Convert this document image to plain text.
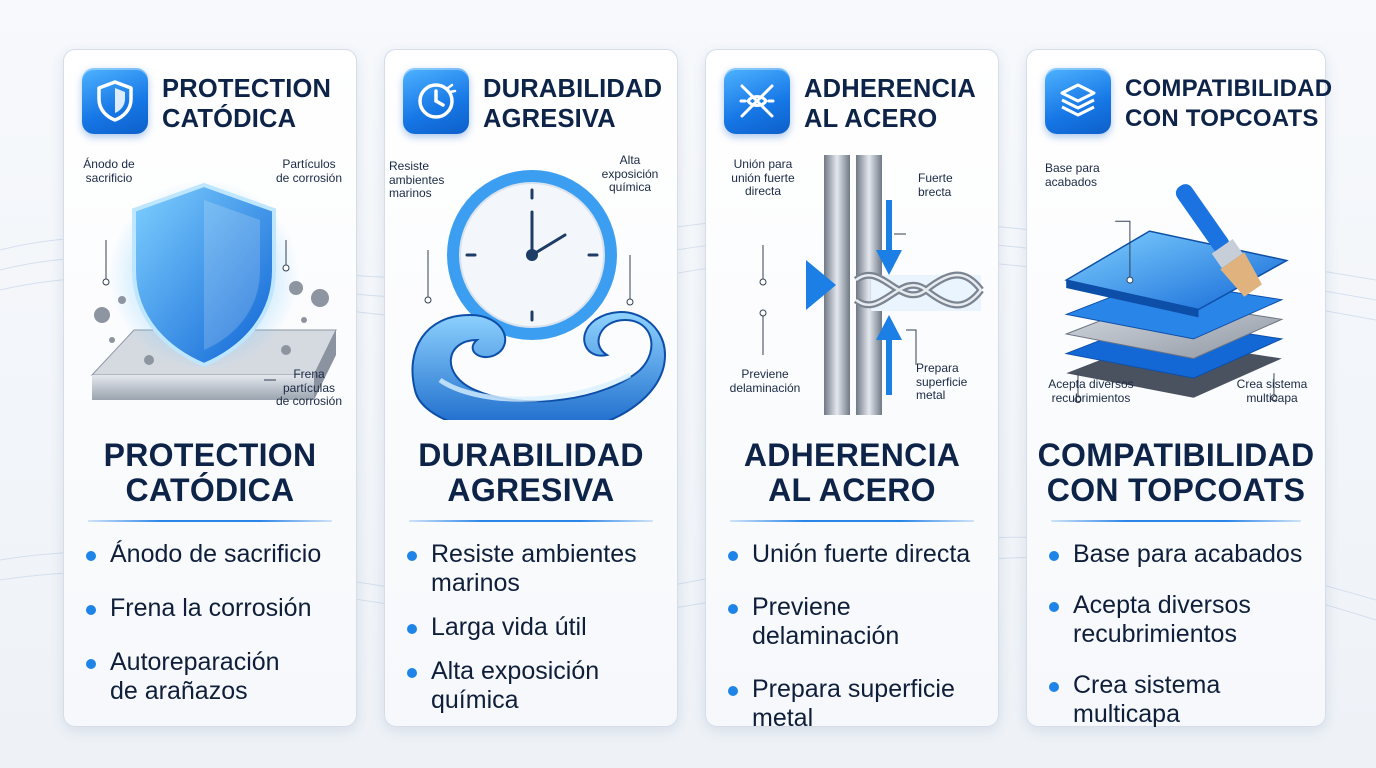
PROTECTION
CATÓDICA
Ánodo de
sacrificio
Partículos
de corrosión
Frena
partículas
de corrosión
PROTECTION
CATÓDICA
Ánodo de sacrificio
Frena la corrosión
Autoreparación
de arañazos
DURABILIDAD
AGRESIVA
Resiste
ambientes
marinos
Alta
exposición
química
DURABILIDAD
AGRESIVA
Resiste ambientes
marinos
Larga vida útil
Alta exposición
química
ADHERENCIA
AL ACERO
Unión para
unión fuerte
directa
Fuerte
brecta
Previene
delaminación
Prepara
superficie
metal
ADHERENCIA
AL ACERO
Unión fuerte directa
Previene delaminación
Prepara superficie
metal
COMPATIBILIDAD
CON TOPCOATS
Base para
acabados
Acepta diversos
recubrimientos
Crea sistema
multicapa
COMPATIBILIDAD
CON TOPCOATS
Base para acabados
Acepta diversos
recubrimientos
Crea sistema multicapa
